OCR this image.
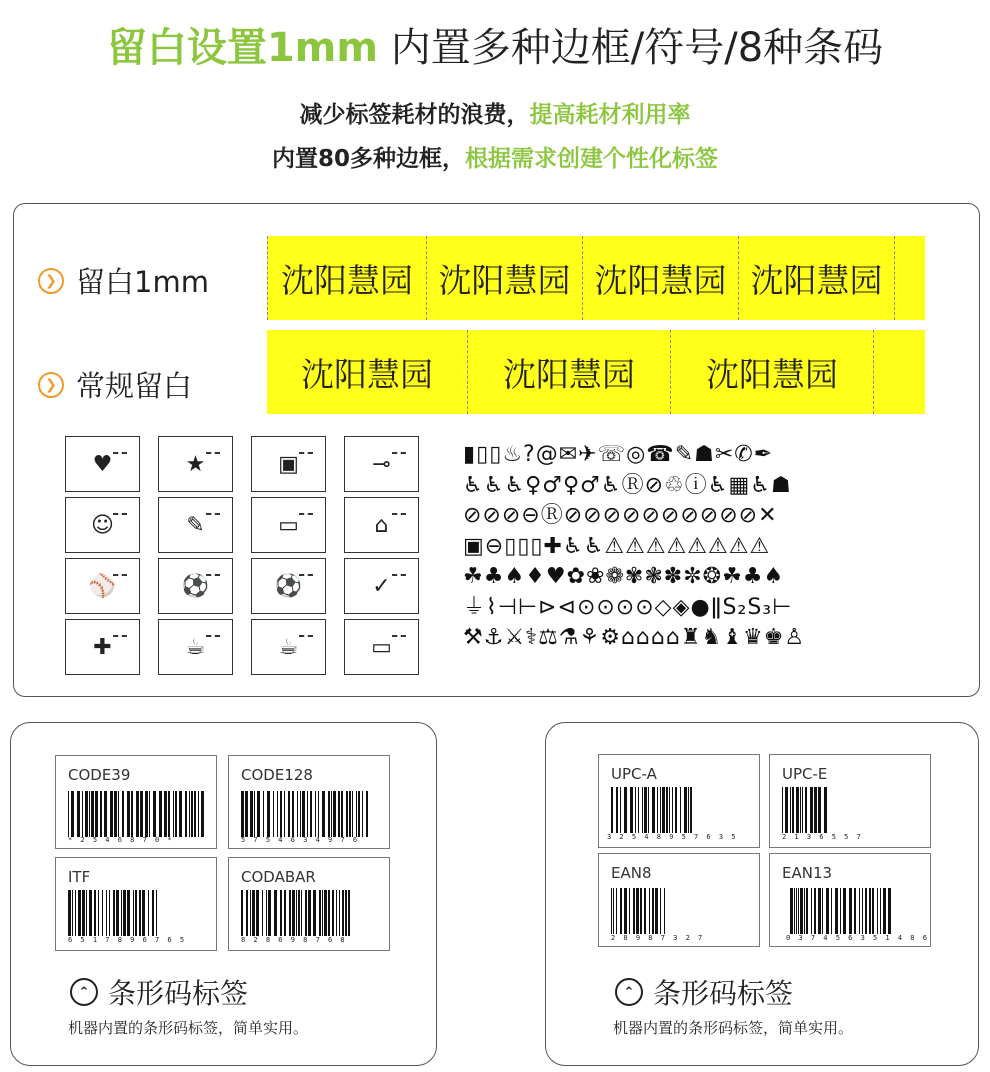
留白设置1mm 内置多种边框/符号/8种条码
减少标签耗材的浪费，提高耗材利用率
内置80多种边框，根据需求创建个性化标签
❯ 留白1mm	沈阳慧园 沈阳慧园 沈阳慧园 沈阳慧园
❯ 常规留白	沈阳慧园	沈阳慧园	沈阳慧园
♥	★	▣	⊸
☺	✎	▭	⌂
⚾	⚽	⚽	✓
✚	☕	☕	▭
▮▯▯♨?@✉✈☏◎☎✎☗✂✆✒
♿♿♿♀♂♀♂♿Ⓡ⊘♲ⓘ♿▦♿☗
⊘⊘⊘⊖Ⓡ⊘⊘⊘⊘⊘⊘⊘⊘⊘⊘✕
▣⊖▯▯▯✚♿♿⚠⚠⚠⚠⚠⚠⚠⚠
☘♣♠♦♥✿❀❁✾❃✽✼❂☘♣♠
⏚⌇⊣⊢⊳⊲⊙⊙⊙⊙◇◈●ǁS₂S₃⊢
⚒⚓⚔⚕⚖⚗⚘⚙⌂⌂⌂⌂♜♞♝♛♚♙
CODE39
* 2 5 4 6 8 7 0 *
CODE128
5 7 5 4 6 3 4 9 7 6
ITF
6 5 1 7 8 9 6 7 6 5
CODABAR
8 2 8 6 9 8 7 6 8
⌃ 条形码标签
机器内置的条形码标签，简单实用。
UPC-A
3 2 5 4 8 9 5 7 6 3 5
UPC-E
2 1 3 6 5 5 7
EAN8
2 8 9 8 7 3 2 7
EAN13
0 3 7 4 5 6 3 5 1 4 8 6
⌃ 条形码标签
机器内置的条形码标签，简单实用。
